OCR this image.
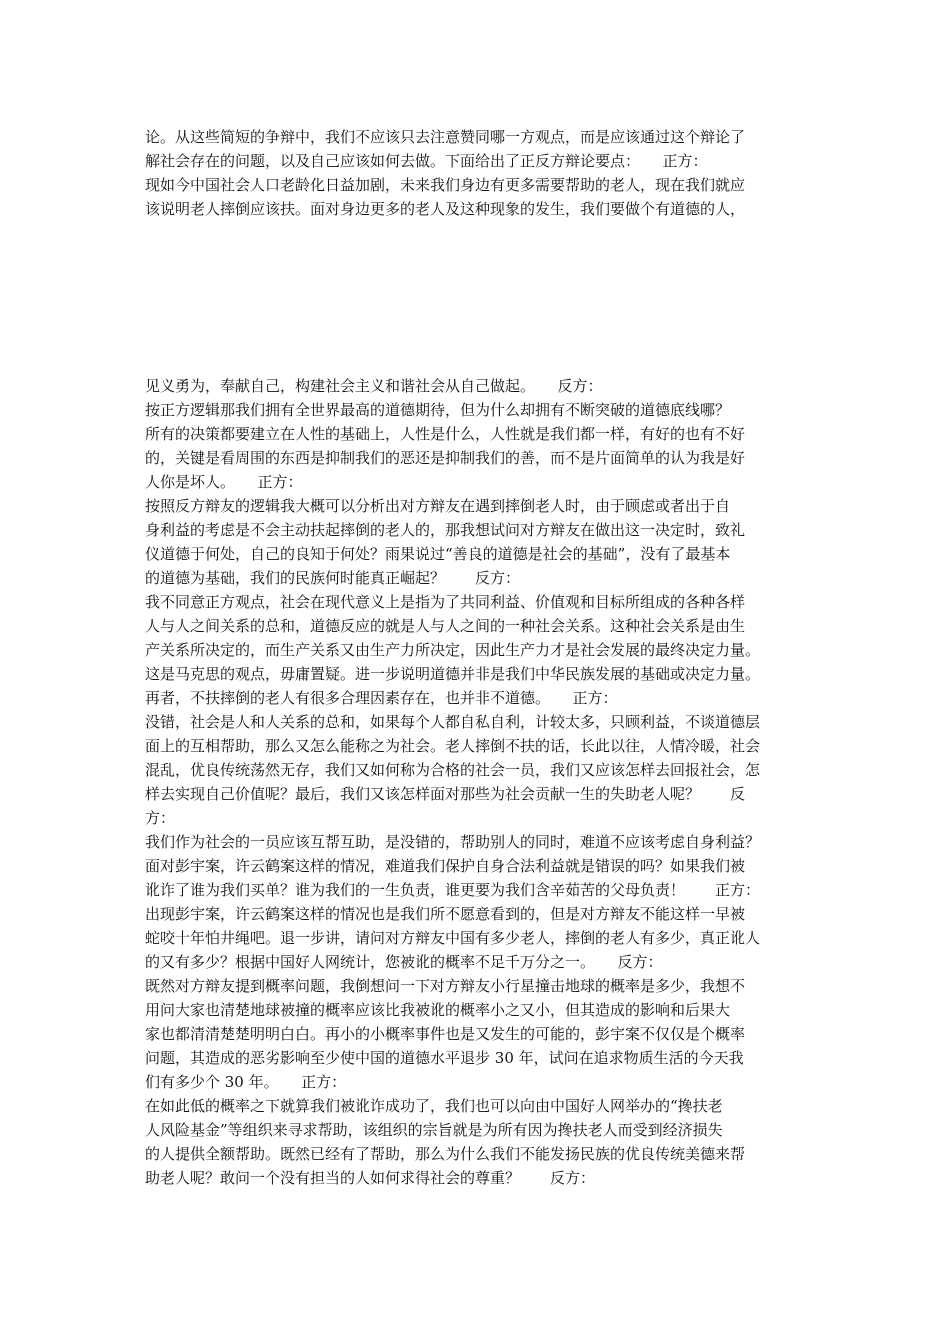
论。从这些简短的争辩中，我们不应该只去注意赞同哪一方观点，而是应该通过这个辩论了
解社会存在的问题，以及自己应该如何去做。下面给出了正反方辩论要点：　　正方：
现如今中国社会人口老龄化日益加剧，未来我们身边有更多需要帮助的老人，现在我们就应
该说明老人摔倒应该扶。面对身边更多的老人及这种现象的发生，我们要做个有道德的人，
见义勇为，奉献自己，构建社会主义和谐社会从自己做起。　　反方：
按正方逻辑那我们拥有全世界最高的道德期待，但为什么却拥有不断突破的道德底线哪？
所有的决策都要建立在人性的基础上，人性是什么，人性就是我们都一样，有好的也有不好
的，关键是看周围的东西是抑制我们的恶还是抑制我们的善，而不是片面简单的认为我是好
人你是坏人。　　正方：
按照反方辩友的逻辑我大概可以分析出对方辩友在遇到摔倒老人时，由于顾虑或者出于自
身利益的考虑是不会主动扶起摔倒的老人的，那我想试问对方辩友在做出这一决定时，致礼
仪道德于何处，自己的良知于何处？雨果说过“善良的道德是社会的基础”，没有了最基本
的道德为基础，我们的民族何时能真正崛起？　　反方：
我不同意正方观点，社会在现代意义上是指为了共同利益、价值观和目标所组成的各种各样
人与人之间关系的总和，道德反应的就是人与人之间的一种社会关系。这种社会关系是由生
产关系所决定的，而生产关系又由生产力所决定，因此生产力才是社会发展的最终决定力量。
这是马克思的观点，毋庸置疑。进一步说明道德并非是我们中华民族发展的基础或决定力量。
再者，不扶摔倒的老人有很多合理因素存在，也并非不道德。　　正方：
没错，社会是人和人关系的总和，如果每个人都自私自利，计较太多，只顾利益，不谈道德层
面上的互相帮助，那么又怎么能称之为社会。老人摔倒不扶的话，长此以往，人情冷暖，社会
混乱，优良传统荡然无存，我们又如何称为合格的社会一员，我们又应该怎样去回报社会，怎
样去实现自己价值呢？最后，我们又该怎样面对那些为社会贡献一生的失助老人呢？　　反
方：
我们作为社会的一员应该互帮互助，是没错的，帮助别人的同时，难道不应该考虑自身利益？
面对彭宇案，许云鹤案这样的情况，难道我们保护自身合法利益就是错误的吗？如果我们被
讹诈了谁为我们买单？谁为我们的一生负责，谁更要为我们含辛茹苦的父母负责！　　正方：
出现彭宇案，许云鹤案这样的情况也是我们所不愿意看到的，但是对方辩友不能这样一早被
蛇咬十年怕井绳吧。退一步讲，请问对方辩友中国有多少老人，摔倒的老人有多少，真正讹人
的又有多少？根据中国好人网统计，您被讹的概率不足千万分之一。　　反方：
既然对方辩友提到概率问题，我倒想问一下对方辩友小行星撞击地球的概率是多少，我想不
用问大家也清楚地球被撞的概率应该比我被讹的概率小之又小，但其造成的影响和后果大
家也都清清楚楚明明白白。再小的小概率事件也是又发生的可能的，彭宇案不仅仅是个概率
问题，其造成的恶劣影响至少使中国的道德水平退步 30 年，试问在追求物质生活的今天我
们有多少个 30 年。　　正方：
在如此低的概率之下就算我们被讹诈成功了，我们也可以向由中国好人网举办的“搀扶老
人风险基金”等组织来寻求帮助，该组织的宗旨就是为所有因为搀扶老人而受到经济损失
的人提供全额帮助。既然已经有了帮助，那么为什么我们不能发扬民族的优良传统美德来帮
助老人呢？敢问一个没有担当的人如何求得社会的尊重？　　反方：
